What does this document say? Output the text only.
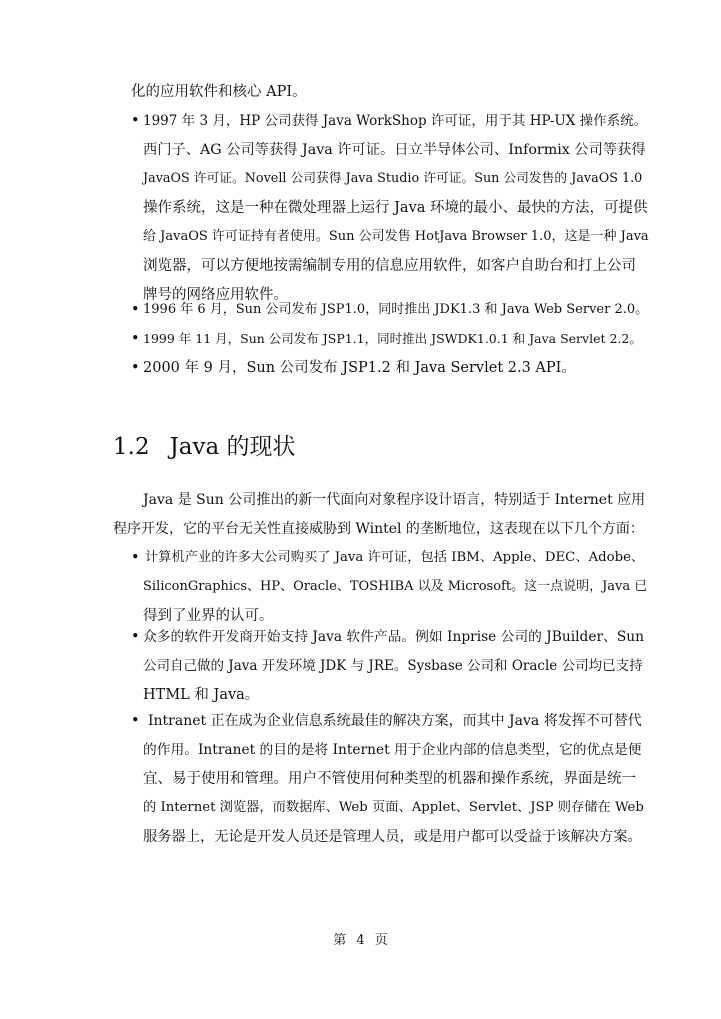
化的应用软件和核心 API。
• 1997 年 3 月，HP 公司获得 Java WorkShop 许可证，用于其 HP-UX 操作系统。
西门子、AG 公司等获得 Java 许可证。日立半导体公司、Informix 公司等获得
JavaOS 许可证。Novell 公司获得 Java Studio 许可证。Sun 公司发售的 JavaOS 1.0
操作系统，这是一种在微处理器上运行 Java 环境的最小、最快的方法，可提供
给 JavaOS 许可证持有者使用。Sun 公司发售 HotJava Browser 1.0，这是一种 Java
浏览器，可以方便地按需编制专用的信息应用软件，如客户自助台和打上公司
牌号的网络应用软件。
• 1996 年 6 月，Sun 公司发布 JSP1.0，同时推出 JDK1.3 和 Java Web Server 2.0。
• 1999 年 11 月，Sun 公司发布 JSP1.1，同时推出 JSWDK1.0.1 和 Java Servlet 2.2。
• 2000 年 9 月，Sun 公司发布 JSP1.2 和 Java Servlet 2.3 API。
1.2 Java 的现状
Java 是 Sun 公司推出的新一代面向对象程序设计语言，特别适于 Internet 应用
程序开发，它的平台无关性直接威胁到 Wintel 的垄断地位，这表现在以下几个方面：
• 计算机产业的许多大公司购买了 Java 许可证，包括 IBM、Apple、DEC、Adobe、
SiliconGraphics、HP、Oracle、TOSHIBA 以及 Microsoft。这一点说明，Java 已
得到了业界的认可。
• 众多的软件开发商开始支持 Java 软件产品。例如 Inprise 公司的 JBuilder、Sun
公司自己做的 Java 开发环境 JDK 与 JRE。Sysbase 公司和 Oracle 公司均已支持
HTML 和 Java。
• Intranet 正在成为企业信息系统最佳的解决方案，而其中 Java 将发挥不可替代
的作用。Intranet 的目的是将 Internet 用于企业内部的信息类型，它的优点是便
宜、易于使用和管理。用户不管使用何种类型的机器和操作系统，界面是统一
的 Internet 浏览器，而数据库、Web 页面、Applet、Servlet、JSP 则存储在 Web
服务器上，无论是开发人员还是管理人员，或是用户都可以受益于该解决方案。
第 4 页
